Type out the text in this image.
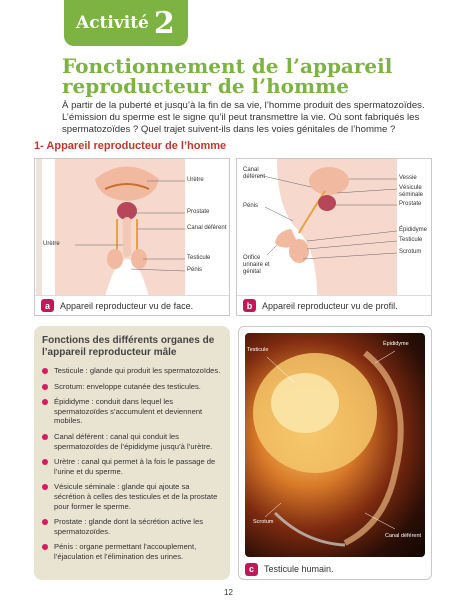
Activité 2
Fonctionnement de l’appareil reproducteur de l’homme
À partir de la puberté et jusqu’à la fin de sa vie, l’homme produit des spermatozoïdes. L’émission du sperme est le signe qu’il peut transmettre la vie. Où sont fabriqués les spermatozoïdes ? Quel trajet suivent-ils dans les voies génitales de l’homme ?
1- Appareil reproducteur de l’homme
Urètre
Prostate
Canal déférent
Urètre
Testicule
Pénis
a	Appareil reproducteur vu de face.
Canal déférent	Vessie
Vésicule séminale
Prostate
Pénis
Épididyme
Testicule
Scrotum
Orifice urinaire et génital
b	Appareil reproducteur vu de profil.
Fonctions des différents organes de l’appareil reproducteur mâle
Testicule : glande qui produit les spermatozoïdes.
Scrotum: enveloppe cutanée des testicules.
Épididyme : conduit dans lequel les spermatozoïdes s’accumulent et deviennent mobiles.
Canal déférent : canal qui conduit les spermatozoïdes de l’épididyme jusqu’à l’urètre.
Urètre : canal qui permet à la fois le passage de l’urine et du sperme.
Vésicule séminale : glande qui ajoute sa sécrétion à celles des testicules et de la prostate pour former le sperme.
Prostate : glande dont la sécrétion active les spermatozoïdes.
Pénis : organe permettant l’accouplement, l’éjaculation et l’élimination des urines.
Testicule
Épididyme
Scrotum
Canal déférent
c	Testicule humain.
12
